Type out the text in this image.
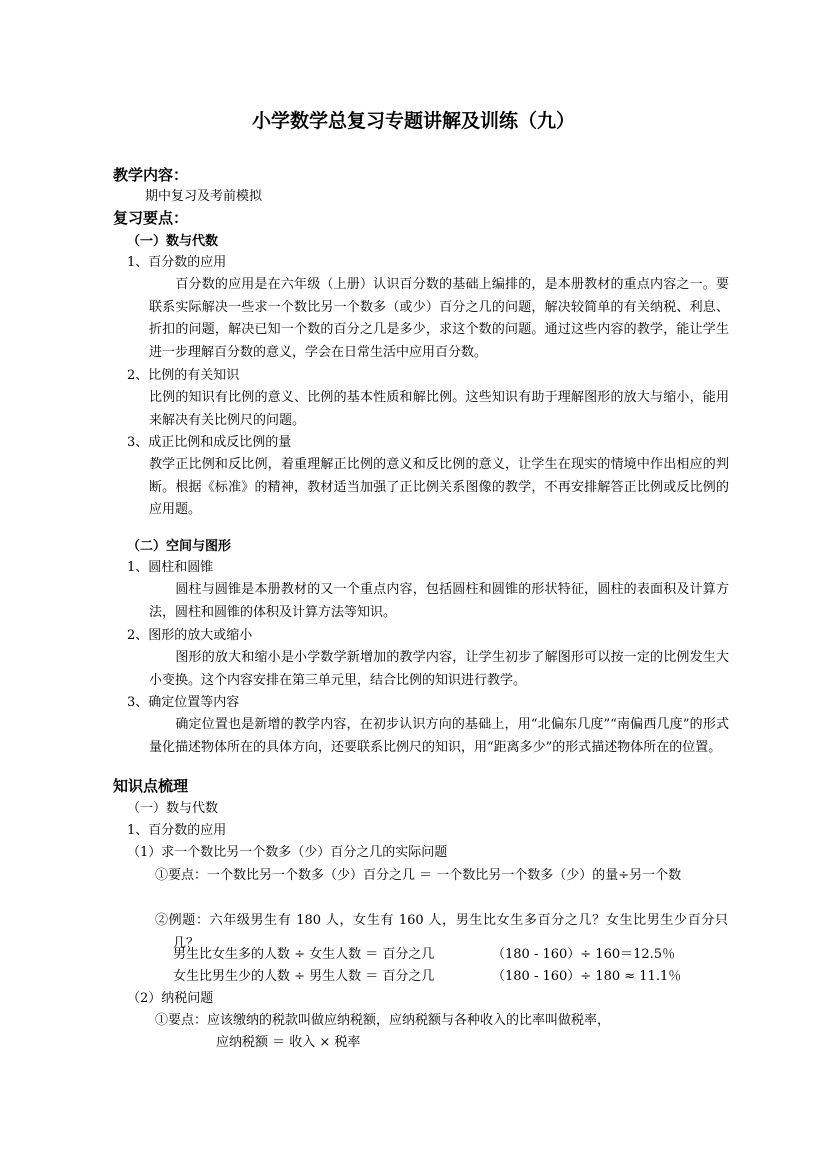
小学数学总复习专题讲解及训练（九）
教学内容：
期中复习及考前模拟
复习要点：
（一）数与代数
1、百分数的应用
　　百分数的应用是在六年级（上册）认识百分数的基础上编排的，是本册教材的重点内容之一。要联系实际解决一些求一个数比另一个数多（或少）百分之几的问题，解决较简单的有关纳税、利息、折扣的问题，解决已知一个数的百分之几是多少，求这个数的问题。通过这些内容的教学，能让学生进一步理解百分数的意义，学会在日常生活中应用百分数。
2、比例的有关知识
比例的知识有比例的意义、比例的基本性质和解比例。这些知识有助于理解图形的放大与缩小，能用来解决有关比例尺的问题。
3、成正比例和成反比例的量
教学正比例和反比例，着重理解正比例的意义和反比例的意义，让学生在现实的情境中作出相应的判断。根据《标准》的精神，教材适当加强了正比例关系图像的教学，不再安排解答正比例或反比例的应用题。
（二）空间与图形
1、圆柱和圆锥
　　圆柱与圆锥是本册教材的又一个重点内容，包括圆柱和圆锥的形状特征，圆柱的表面积及计算方法，圆柱和圆锥的体积及计算方法等知识。
2、图形的放大或缩小
　　图形的放大和缩小是小学数学新增加的教学内容，让学生初步了解图形可以按一定的比例发生大小变换。这个内容安排在第三单元里，结合比例的知识进行教学。
3、确定位置等内容
　　确定位置也是新增的教学内容，在初步认识方向的基础上，用“北偏东几度”“南偏西几度”的形式量化描述物体所在的具体方向，还要联系比例尺的知识，用“距离多少”的形式描述物体所在的位置。
知识点梳理
（一）数与代数
1、百分数的应用
（1）求一个数比另一个数多（少）百分之几的实际问题
①要点：一个数比另一个数多（少）百分之几 ＝ 一个数比另一个数多（少）的量÷另一个数
②例题：六年级男生有 180 人，女生有 160 人，男生比女生多百分之几？女生比男生少百分只几？
男生比女生多的人数 ÷ 女生人数 ＝ 百分之几	（180 - 160）÷ 160＝12.5％
女生比男生少的人数 ÷ 男生人数 ＝ 百分之几	（180 - 160）÷ 180 ≈ 11.1％
（2）纳税问题
①要点：应该缴纳的税款叫做应纳税额，应纳税额与各种收入的比率叫做税率，
应纳税额 ＝ 收入 × 税率
